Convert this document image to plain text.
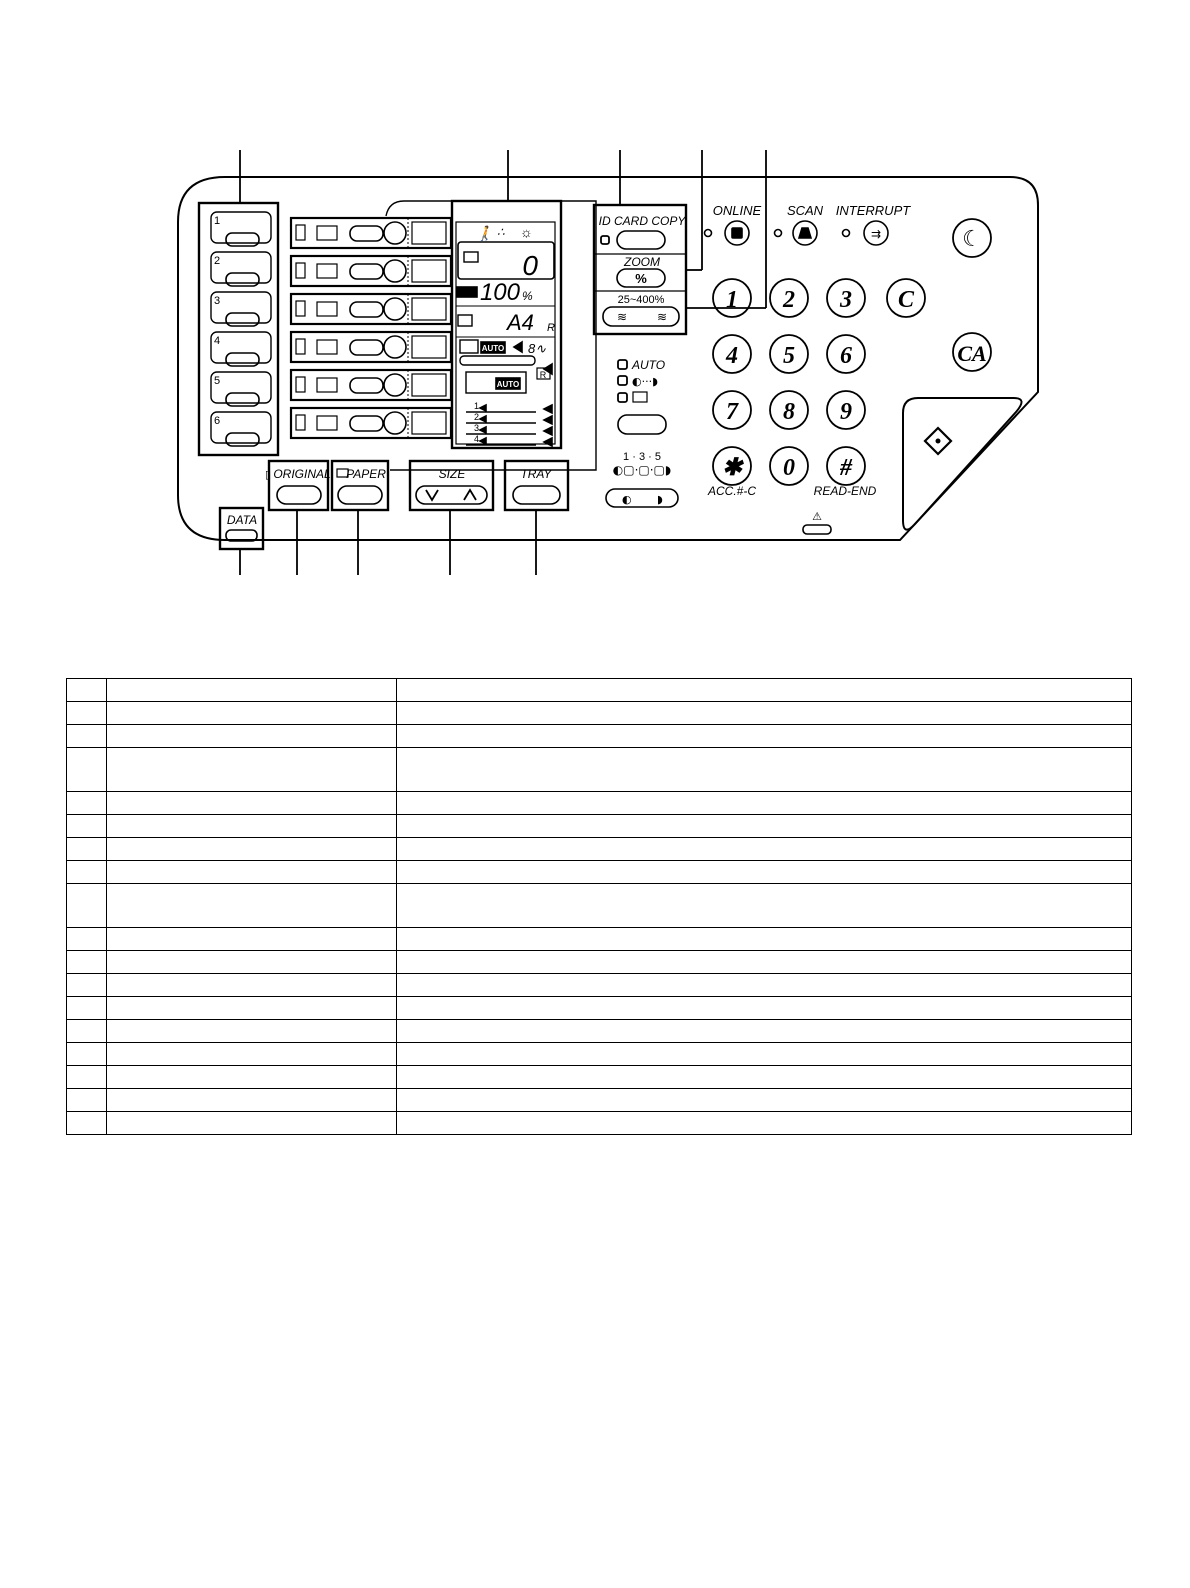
1
2
3
4
5
6
🚶 ∴ ☼
0
100 %
A4 R
AUTO 8∿
AUTO
R
1
2
3
4
ID CARD COPY
ZOOM
%
25~400%
≋ ≋
AUTO
◐···◗
1 · 3 · 5
◐▢·▢·▢◗
◐ ◗
ONLINE SCAN INTERRUPT
⇉	☾
1 2 3
4 5 6
7 8 9
✱ 0 #
ACC.#-C	READ-END
C
CA
⚠
▯ ORIGINAL PAPER	SIZE	TRAY
DATA
